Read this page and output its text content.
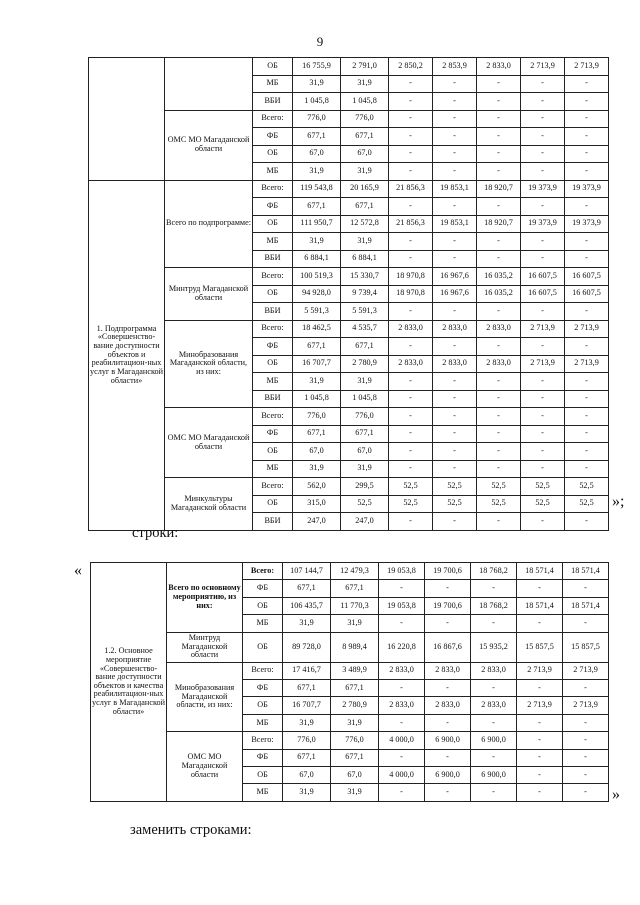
9
		ОБ	16 755,9	2 791,0	2 850,2	2 853,9	2 833,0	2 713,9	2 713,9
		МБ	31,9	31,9	-	-	-	-	-
		ВБИ	1 045,8	1 045,8	-	-	-	-	-
	ОМС МО Магаданской области	Всего:	776,0	776,0	-	-	-	-	-
		ФБ	677,1	677,1	-	-	-	-	-
		ОБ	67,0	67,0	-	-	-	-	-
		МБ	31,9	31,9	-	-	-	-	-
1. Подпрограмма «Совершенство-вание доступности объектов и реабилитацион-ных услуг в Магаданской области»	Всего по подпрограмме:	Всего:	119 543,8	20 165,9	21 856,3	19 853,1	18 920,7	19 373,9	19 373,9
		ФБ	677,1	677,1	-	-	-	-	-
		ОБ	111 950,7	12 572,8	21 856,3	19 853,1	18 920,7	19 373,9	19 373,9
		МБ	31,9	31,9	-	-	-	-	-
		ВБИ	6 884,1	6 884,1	-	-	-	-	-
	Минтруд Магаданской области	Всего:	100 519,3	15 330,7	18 970,8	16 967,6	16 035,2	16 607,5	16 607,5
		ОБ	94 928,0	9 739,4	18 970,8	16 967,6	16 035,2	16 607,5	16 607,5
		ВБИ	5 591,3	5 591,3	-	-	-	-	-
	Минобразования Магаданской области, из них:	Всего:	18 462,5	4 535,7	2 833,0	2 833,0	2 833,0	2 713,9	2 713,9
		ФБ	677,1	677,1	-	-	-	-	-
		ОБ	16 707,7	2 780,9	2 833,0	2 833,0	2 833,0	2 713,9	2 713,9
		МБ	31,9	31,9	-	-	-	-	-
		ВБИ	1 045,8	1 045,8	-	-	-	-	-
	ОМС МО Магаданской области	Всего:	776,0	776,0	-	-	-	-	-
		ФБ	677,1	677,1	-	-	-	-	-
		ОБ	67,0	67,0	-	-	-	-	-
		МБ	31,9	31,9	-	-	-	-	-
	Минкультуры Магаданской области	Всего:	562,0	299,5	52,5	52,5	52,5	52,5	52,5
		ОБ	315,0	52,5	52,5	52,5	52,5	52,5	52,5
		ВБИ	247,0	247,0	-	-	-	-	-
»;
строки:
«
1.2. Основное мероприятие «Совершенство-вание доступности объектов и качества реабилитацион-ных услуг в Магаданской области»	Всего по основному мероприятию, из них:	Всего:	107 144,7	12 479,3	19 053,8	19 700,6	18 768,2	18 571,4	18 571,4
		ФБ	677,1	677,1	-	-	-	-	-
		ОБ	106 435,7	11 770,3	19 053,8	19 700,6	18 768,2	18 571,4	18 571,4
		МБ	31,9	31,9	-	-	-	-	-
	Минтруд Магаданской области	ОБ	89 728,0	8 989,4	16 220,8	16 867,6	15 935,2	15 857,5	15 857,5
	Минобразования Магаданской области, из них:	Всего:	17 416,7	3 489,9	2 833,0	2 833,0	2 833,0	2 713,9	2 713,9
		ФБ	677,1	677,1	-	-	-	-	-
		ОБ	16 707,7	2 780,9	2 833,0	2 833,0	2 833,0	2 713,9	2 713,9
		МБ	31,9	31,9	-	-	-	-	-
	ОМС МО Магаданской области	Всего:	776,0	776,0	4 000,0	6 900,0	6 900,0	-	-
		ФБ	677,1	677,1	-	-	-	-	-
		ОБ	67,0	67,0	4 000,0	6 900,0	6 900,0	-	-
		МБ	31,9	31,9	-	-	-	-	- »
заменить строками:
